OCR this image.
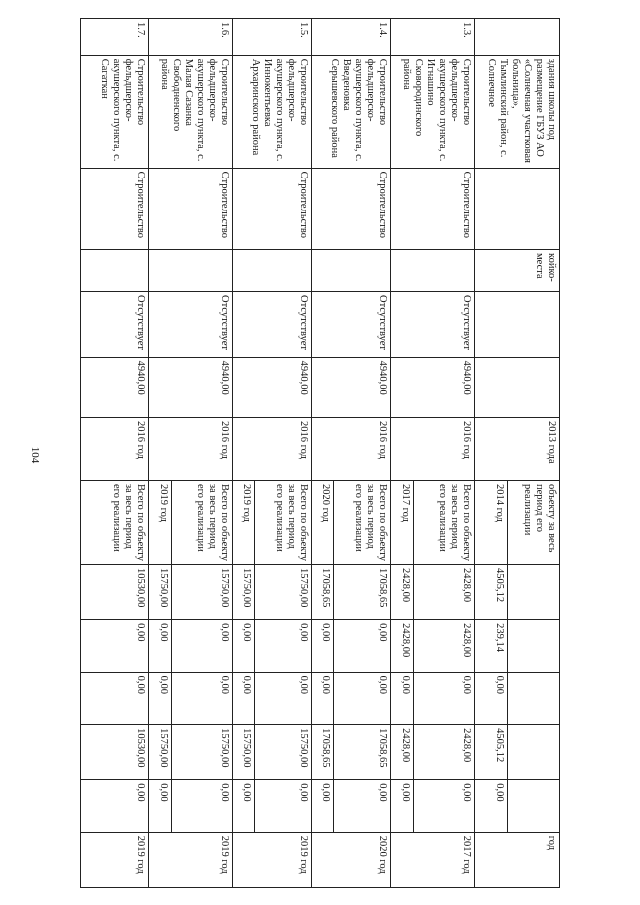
104
	здания школы под размещение ГБУЗ АО «Солнечная участковая больница», Тымлинский район, с. Солнечное		койко-места			2013 года	объекту за весь период его реализации						год
							2014 год	4505,12	239,14	0,00	4505,12	0,00	
1.3.	Строительство фельдшерско-акушерского пункта, с. Игнашино Сковородинского района	Строительство		Отсутствует	4940,00	2016 год	Всего по объекту за весь период его реализации	2428,00	2428,00	0,00	2428,00	0,00	2017 год
							2017 год	2428,00	2428,00	0,00	2428,00	0,00	
1.4.	Строительство фельдшерско-акушерского пункта, с. Введеновка Серышевского района	Строительство		Отсутствует	4940,00	2016 год	Всего по объекту за весь период его реализации	17058,65	0,00	0,00	17058,65	0,00	2020 год
							2020 год	17058,65	0,00	0,00	17058,65	0,00	
1.5.	Строительство фельдшерско-акушерского пункта, с. Иннокентьевка Архаринского района	Строительство		Отсутствует	4940,00	2016 год	Всего по объекту за весь период его реализации	15750,00	0,00	0,00	15750,00	0,00	2019 год
							2019 год	15750,00	0,00	0,00	15750,00	0,00	
1.6.	Строительство фельдшерско-акушерского пункта, с. Малая Сазанка Свободненского района	Строительство		Отсутствует	4940,00	2016 год	Всего по объекту за весь период его реализации	15750,00	0,00	0,00	15750,00	0,00	2019 год
							2019 год	15750,00	0,00	0,00	15750,00	0,00	
1.7.	Строительство фельдшерско-акушерского пункта, с. Сагаткан	Строительство		Отсутствует	4940,00	2016 год	Всего по объекту за весь период его реализации	10530,00	0,00	0,00	10530,00	0,00	2019 год
